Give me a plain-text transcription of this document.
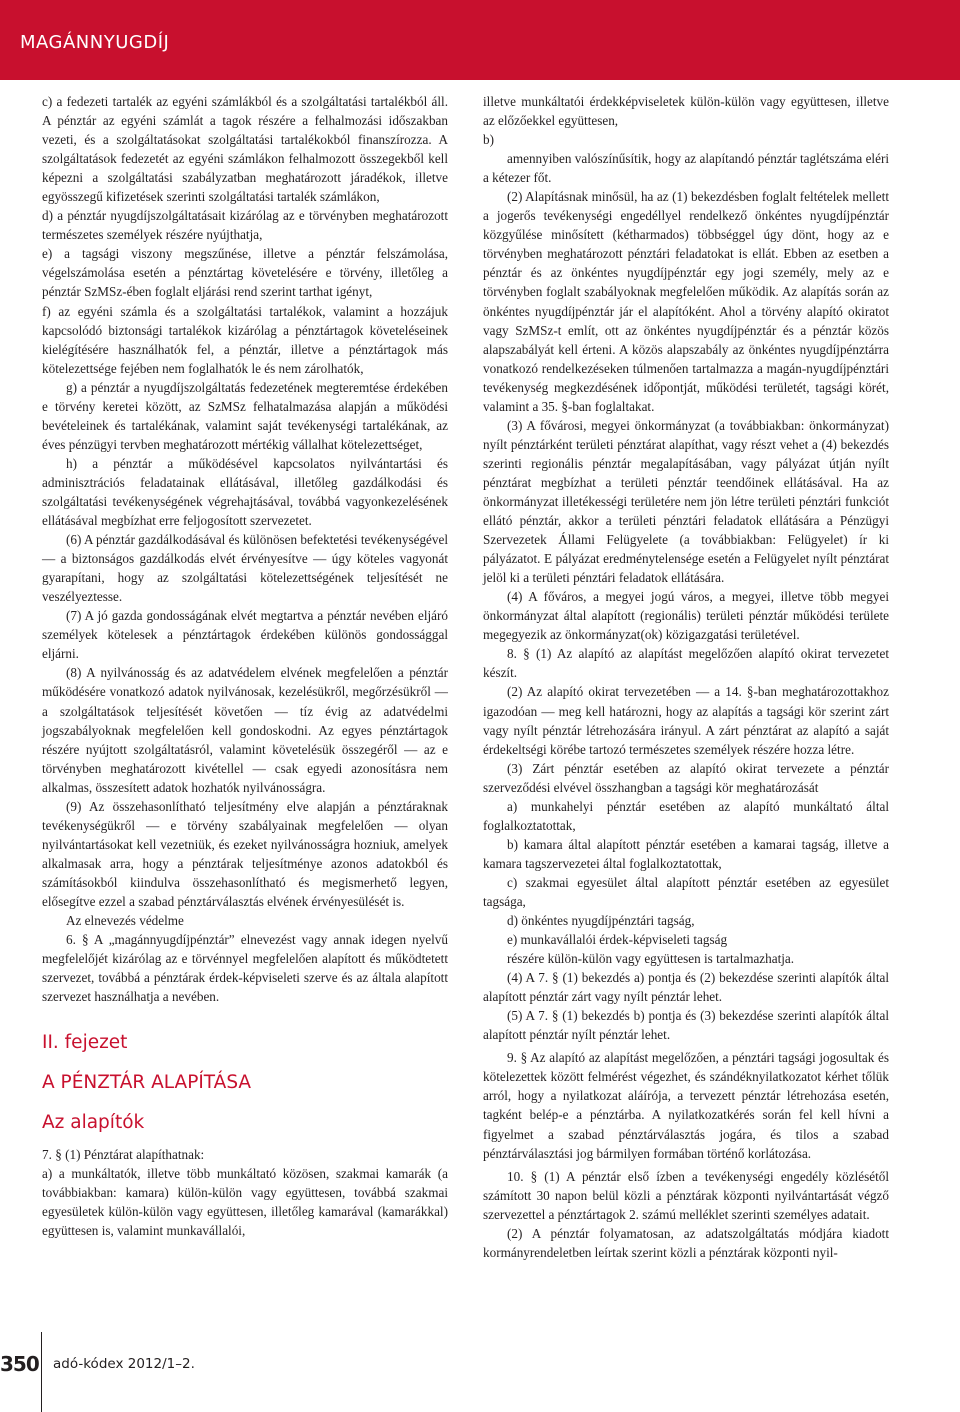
MAGÁNNYUGDÍJ

c) a fedezeti tartalék az egyéni számlákból és a szolgáltatási tartalékból áll. A pénztár az egyéni számlát a tagok részére a felhalmozási időszakban vezeti, és a szolgáltatásokat szolgáltatási tartalékokból finanszírozza. A szolgáltatások fedezetét az egyéni számlákon felhalmozott összegekből kell képezni a szolgáltatási szabályzatban meghatározott járadékok, illetve egyösszegű kifizetések szerinti szolgáltatási tartalék számlákon,

d) a pénztár nyugdíjszolgáltatásait kizárólag az e törvényben meghatározott természetes személyek részére nyújthatja,

e) a tagsági viszony megszűnése, illetve a pénztár felszámolása, végelszámolása esetén a pénztártag követelésére e törvény, illetőleg a pénztár SzMSz-ében foglalt eljárási rend szerint tarthat igényt,

f) az egyéni számla és a szolgáltatási tartalékok, valamint a hozzájuk kapcsolódó biztonsági tartalékok kizárólag a pénztártagok követeléseinek kielégítésére használhatók fel, a pénztár, illetve a pénztártagok más kötelezettsége fejében nem foglalhatók le és nem zárolhatók,

g) a pénztár a nyugdíjszolgáltatás fedezetének megteremtése érdekében e törvény keretei között, az SzMSz felhatalmazása alapján a működési bevételeinek és tartalékának, valamint saját tevékenységi tartalékának, az éves pénzügyi tervben meghatározott mértékig vállalhat kötelezettséget,

h) a pénztár a működésével kapcsolatos nyilvántartási és adminisztrációs feladatainak ellátásával, illetőleg gazdálkodási és szolgáltatási tevékenységének végrehajtásával, továbbá vagyonkezelésének ellátásával megbízhat erre feljogosított szervezetet.

(6) A pénztár gazdálkodásával és különösen befektetési tevékenységével — a biztonságos gazdálkodás elvét érvényesítve — úgy köteles vagyonát gyarapítani, hogy az szolgáltatási kötelezettségének teljesítését ne veszélyeztesse.

(7) A jó gazda gondosságának elvét megtartva a pénztár nevében eljáró személyek kötelesek a pénztártagok érdekében különös gondossággal eljárni.

(8) A nyilvánosság és az adatvédelem elvének megfelelően a pénztár működésére vonatkozó adatok nyilvánosak, kezelésükről, megőrzésükről — a szolgáltatások teljesítését követően — tíz évig az adatvédelmi jogszabályoknak megfelelően kell gondoskodni. Az egyes pénztártagok részére nyújtott szolgáltatásról, valamint követelésük összegéről — az e törvényben meghatározott kivétellel — csak egyedi azonosításra nem alkalmas, összesített adatok hozhatók nyilvánosságra.

(9) Az összehasonlítható teljesítmény elve alapján a pénztáraknak tevékenységükről — e törvény szabályainak megfelelően — olyan nyilvántartásokat kell vezetniük, és ezeket nyilvánosságra hozniuk, amelyek alkalmasak arra, hogy a pénztárak teljesítménye azonos adatokból és számításokból kiindulva összehasonlítható és megismerhető legyen, elősegítve ezzel a szabad pénztárválasztás elvének érvényesülését is.

Az elnevezés védelme

6. § A „magánnyugdíjpénztár” elnevezést vagy annak idegen nyelvű megfelelőjét kizárólag az e törvénnyel megfelelően alapított és működtetett szervezet, továbbá a pénztárak érdek-képviseleti szerve és az általa alapított szervezet használhatja a nevében.

II. fejezet

A PÉNZTÁR ALAPÍTÁSA

Az alapítók

7. § (1) Pénztárat alapíthatnak:

a) a munkáltatók, illetve több munkáltató közösen, szakmai kamarák (a továbbiakban: kamara) külön-külön vagy együttesen, továbbá szakmai egyesületek külön-külön vagy együttesen, illetőleg kamarával (kamarákkal) együttesen is, valamint munkavállalói,

illetve munkáltatói érdekképviseletek külön-külön vagy együttesen, illetve az előzőekkel együttesen,

b)

amennyiben valószínűsítik, hogy az alapítandó pénztár taglétszáma eléri a kétezer főt.

(2) Alapításnak minősül, ha az (1) bekezdésben foglalt feltételek mellett a jogerős tevékenységi engedéllyel rendelkező önkéntes nyugdíjpénztár közgyűlése minősített (kétharmados) többséggel úgy dönt, hogy az e törvényben meghatározott pénztári feladatokat is ellát. Ebben az esetben a pénztár és az önkéntes nyugdíjpénztár egy jogi személy, mely az e törvényben foglalt szabályoknak megfelelően működik. Az alapítás során az önkéntes nyugdíjpénztár jár el alapítóként. Ahol a törvény alapító okiratot vagy SzMSz-t említ, ott az önkéntes nyugdíjpénztár és a pénztár közös alapszabályát kell érteni. A közös alapszabály az önkéntes nyugdíjpénztárra vonatkozó rendelkezéseken túlmenően tartalmazza a magán-nyugdíjpénztári tevékenység megkezdésének időpontját, működési területét, tagsági körét, valamint a 35. §-ban foglaltakat.

(3) A fővárosi, megyei önkormányzat (a továbbiakban: önkormányzat) nyílt pénztárként területi pénztárat alapíthat, vagy részt vehet a (4) bekezdés szerinti regionális pénztár megalapításában, vagy pályázat útján nyílt pénztárat megbízhat a területi pénztár teendőinek ellátásával. Ha az önkormányzat illetékességi területére nem jön létre területi pénztári funkciót ellátó pénztár, akkor a területi pénztári feladatok ellátására a Pénzügyi Szervezetek Állami Felügyelete (a továbbiakban: Felügyelet) ír ki pályázatot. E pályázat eredménytelensége esetén a Felügyelet nyílt pénztárat jelöl ki a területi pénztári feladatok ellátására.

(4) A főváros, a megyei jogú város, a megyei, illetve több megyei önkormányzat által alapított (regionális) területi pénztár működési területe megegyezik az önkormányzat(ok) közigazgatási területével.

8. § (1) Az alapító az alapítást megelőzően alapító okirat tervezetet készít.

(2) Az alapító okirat tervezetében — a 14. §-ban meghatározottakhoz igazodóan — meg kell határozni, hogy az alapítás a tagsági kör szerint zárt vagy nyílt pénztár létrehozására irányul. A zárt pénztárat az alapító a saját érdekeltségi körébe tartozó természetes személyek részére hozza létre.

(3) Zárt pénztár esetében az alapító okirat tervezete a pénztár szerveződési elvével összhangban a tagsági kör meghatározását

a) munkahelyi pénztár esetében az alapító munkáltató által foglalkoztatottak,

b) kamara által alapított pénztár esetében a kamarai tagság, illetve a kamara tagszervezetei által foglalkoztatottak,

c) szakmai egyesület által alapított pénztár esetében az egyesület tagsága,

d) önkéntes nyugdíjpénztári tagság,

e) munkavállalói érdek-képviseleti tagság

részére külön-külön vagy együttesen is tartalmazhatja.

(4) A 7. § (1) bekezdés a) pontja és (2) bekezdése szerinti alapítók által alapított pénztár zárt vagy nyílt pénztár lehet.

(5) A 7. § (1) bekezdés b) pontja és (3) bekezdése szerinti alapítók által alapított pénztár nyílt pénztár lehet.

9. § Az alapító az alapítást megelőzően, a pénztári tagsági jogosultak és kötelezettek között felmérést végezhet, és szándéknyilatkozatot kérhet tőlük arról, hogy a nyilatkozat aláírója, a tervezett pénztár létrehozása esetén, tagként belép-e a pénztárba. A nyilatkozatkérés során fel kell hívni a figyelmet a szabad pénztárválasztás jogára, és tilos a szabad pénztárválasztási jog bármilyen formában történő korlátozása.

10. § (1) A pénztár első ízben a tevékenységi engedély közlésétől számított 30 napon belül közli a pénztárak központi nyilvántartását végző szervezettel a pénztártagok 2. számú melléklet szerinti személyes adatait.

(2) A pénztár folyamatosan, az adatszolgáltatás módjára kiadott kormányrendeletben leírtak szerint közli a pénztárak központi nyil-

350 adó-kódex 2012/1–2.
